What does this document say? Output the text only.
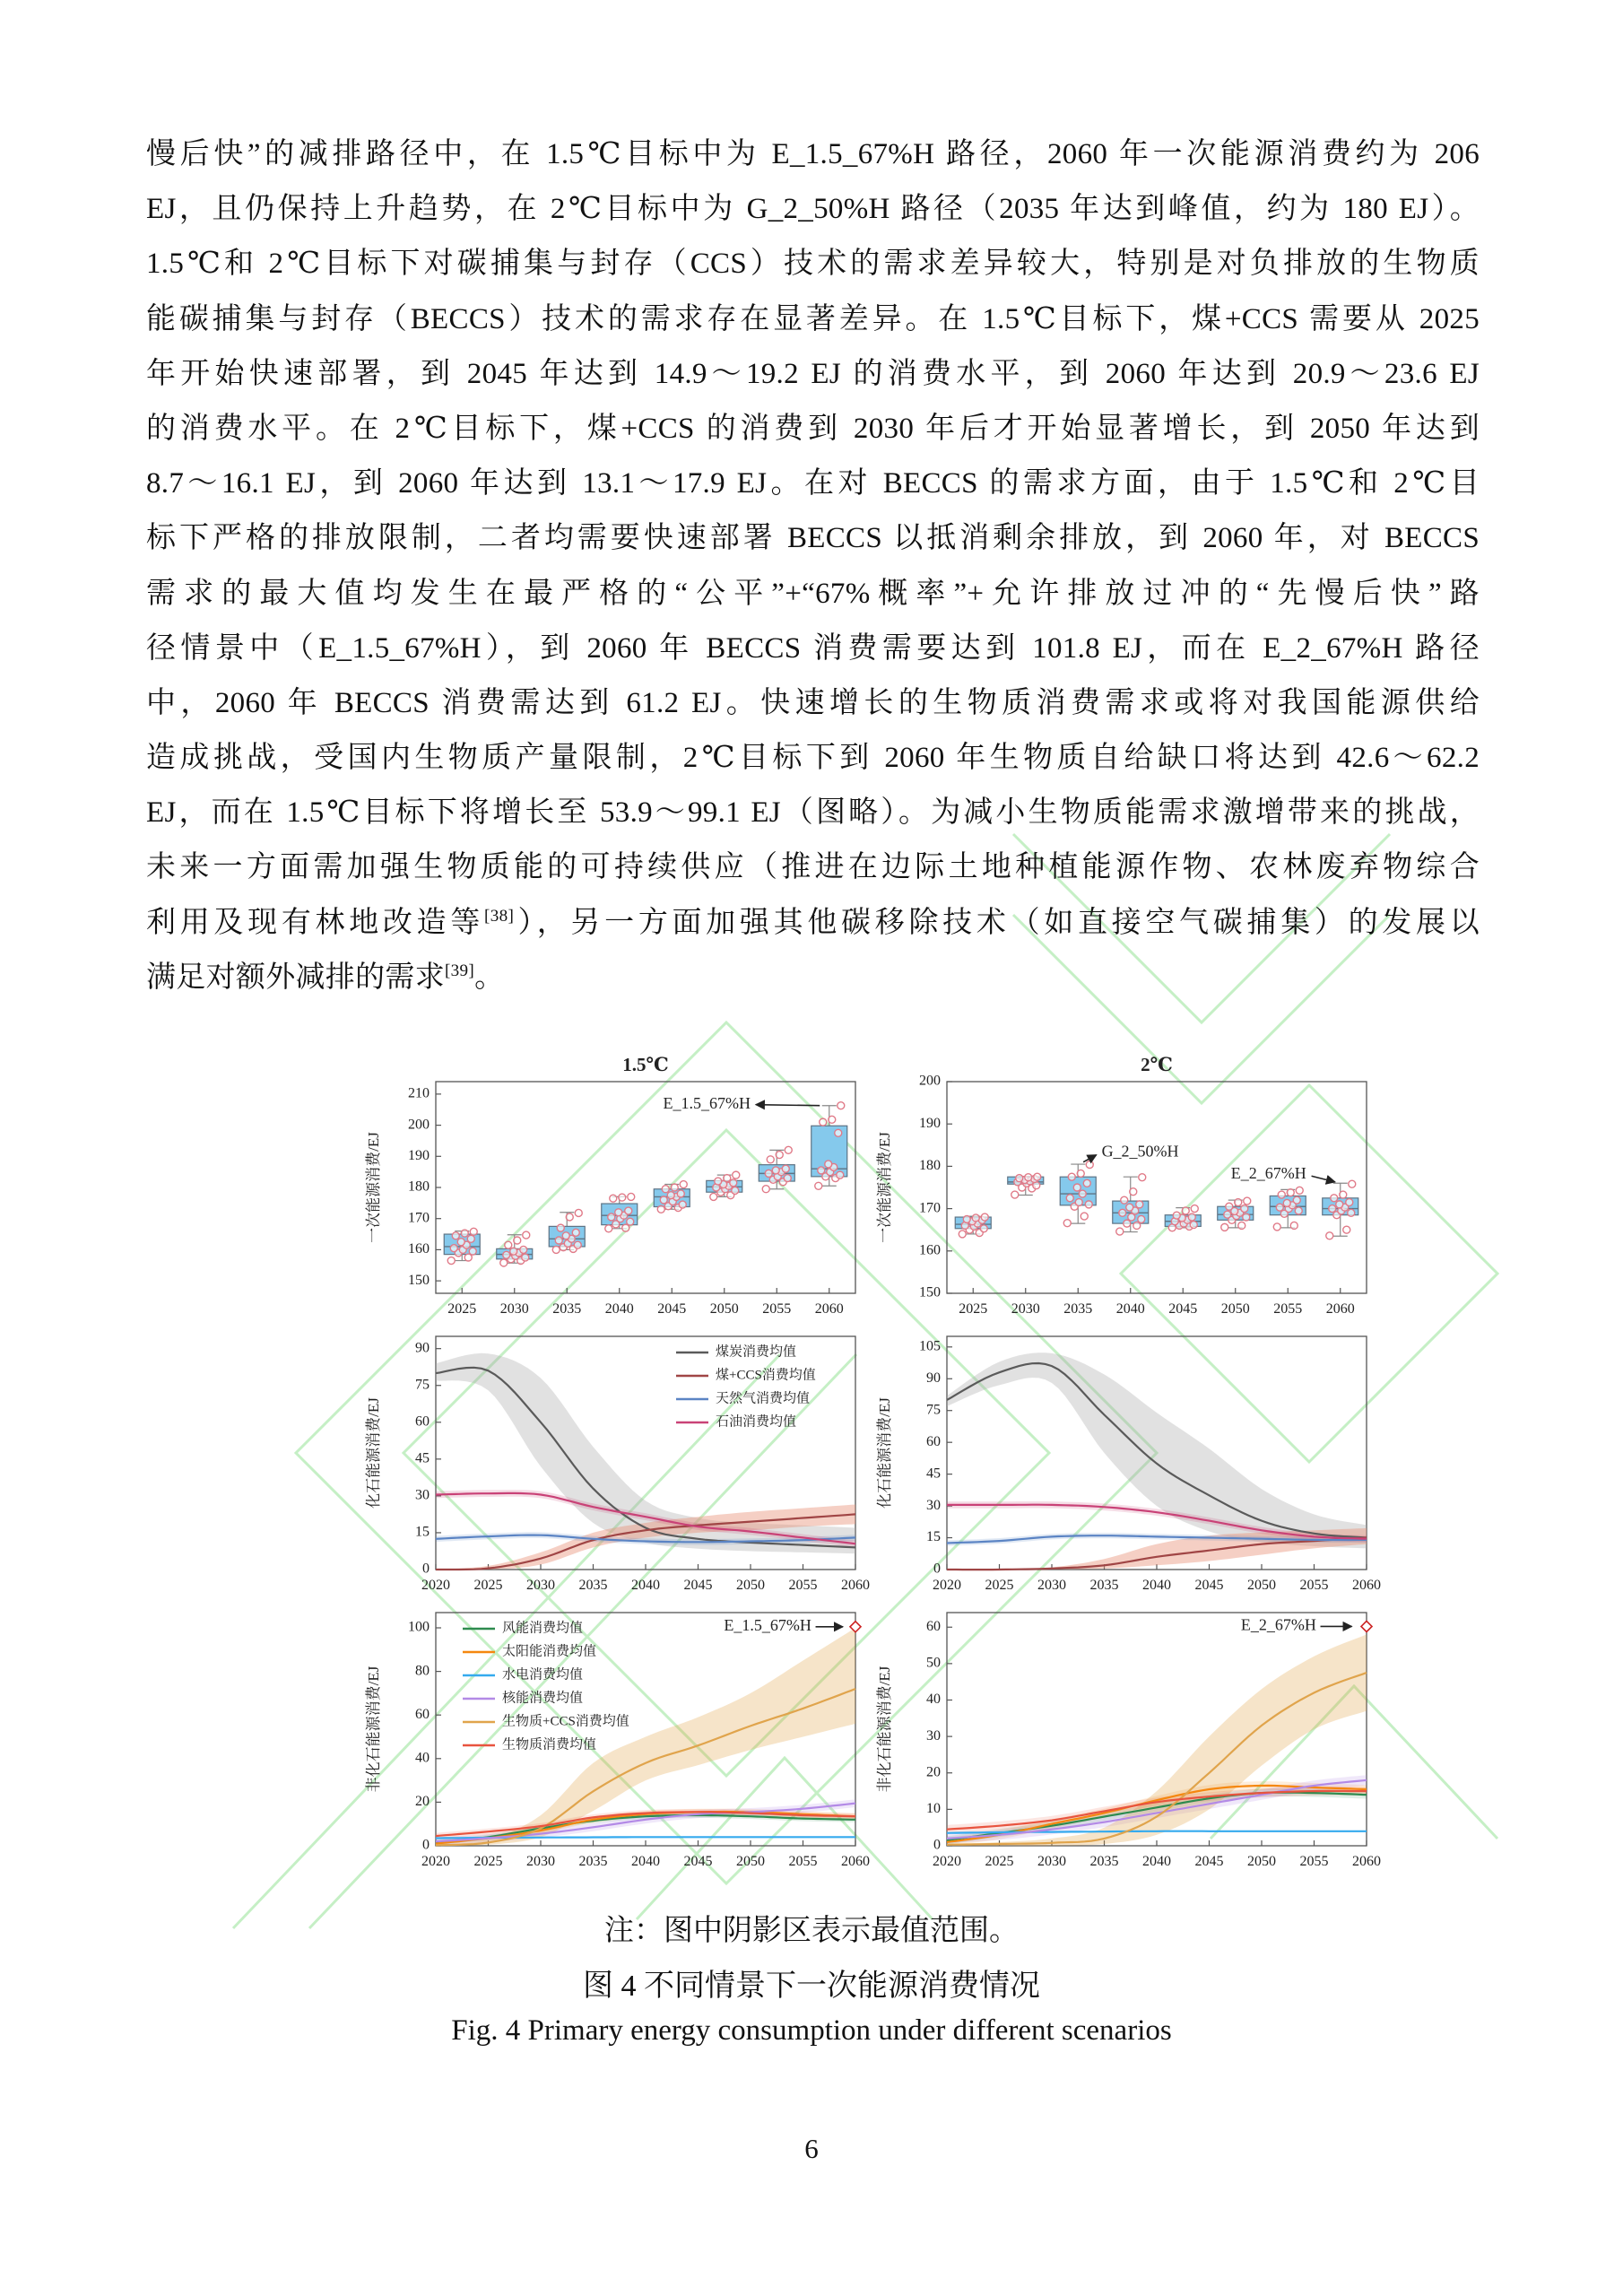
慢后快”的减排路径中，在 1.5℃目标中为 E_1.5_67%H 路径，2060 年一次能源消费约为 206
EJ，且仍保持上升趋势，在 2℃目标中为 G_2_50%H 路径（2035 年达到峰值，约为 180 EJ）。
1.5℃和 2℃目标下对碳捕集与封存（CCS）技术的需求差异较大，特别是对负排放的生物质
能碳捕集与封存（BECCS）技术的需求存在显著差异。在 1.5℃目标下，煤+CCS 需要从 2025
年开始快速部署，到 2045 年达到 14.9～19.2 EJ 的消费水平，到 2060 年达到 20.9～23.6 EJ
的消费水平。在 2℃目标下，煤+CCS 的消费到 2030 年后才开始显著增长，到 2050 年达到
8.7～16.1 EJ，到 2060 年达到 13.1～17.9 EJ。在对 BECCS 的需求方面，由于 1.5℃和 2℃目
标下严格的排放限制，二者均需要快速部署 BECCS 以抵消剩余排放，到 2060 年，对 BECCS
需求的最大值均发生在最严格的“公平”+“67%概率”+允许排放过冲的“先慢后快”路
径情景中（E_1.5_67%H），到 2060 年 BECCS 消费需要达到 101.8 EJ，而在 E_2_67%H 路径
中，2060 年 BECCS 消费需达到 61.2 EJ。快速增长的生物质消费需求或将对我国能源供给
造成挑战，受国内生物质产量限制，2℃目标下到 2060 年生物质自给缺口将达到 42.6～62.2
EJ，而在 1.5℃目标下将增长至 53.9～99.1 EJ（图略）。为减小生物质能需求激增带来的挑战，
未来一方面需加强生物质能的可持续供应（推进在边际土地种植能源作物、农林废弃物综合
利用及现有林地改造等[38]），另一方面加强其他碳移除技术（如直接空气碳捕集）的发展以
满足对额外减排的需求[39]。
1.5℃
一次能源消费/EJ
150
160
170
180
190
200
210
2025 2030 2035 2040 2045 2050 2055 2060
E_1.5_67%H
2℃
一次能源消费/EJ
150
160
170
180
190
200
2025 2030 2035 2040 2045 2050 2055 2060
G_2_50%H
E_2_67%H
化石能源消费/EJ
0
15
30
45
60
75
90
2020 2025 2030 2035 2040 2045 2050 2055 2060
煤炭消费均值
煤+CCS消费均值
天然气消费均值
石油消费均值	化石能源消费/EJ
0
15
30
45
60
75
90
105
2020 2025 2030 2035 2040 2045 2050 2055 2060
非化石能源消费/EJ
0
20
40
60
80
100
2020 2025 2030 2035 2040 2045 2050 2055 2060
风能消费均值
太阳能消费均值
水电消费均值
核能消费均值
生物质+CCS消费均值
生物质消费均值
E_1.5_67%H
非化石能源消费/EJ
0
10
20
30
40
50
60
2020 2025 2030 2035 2040 2045 2050 2055 2060
E_2_67%H
注：图中阴影区表示最值范围。
图 4 不同情景下一次能源消费情况
Fig. 4 Primary energy consumption under different scenarios
6
